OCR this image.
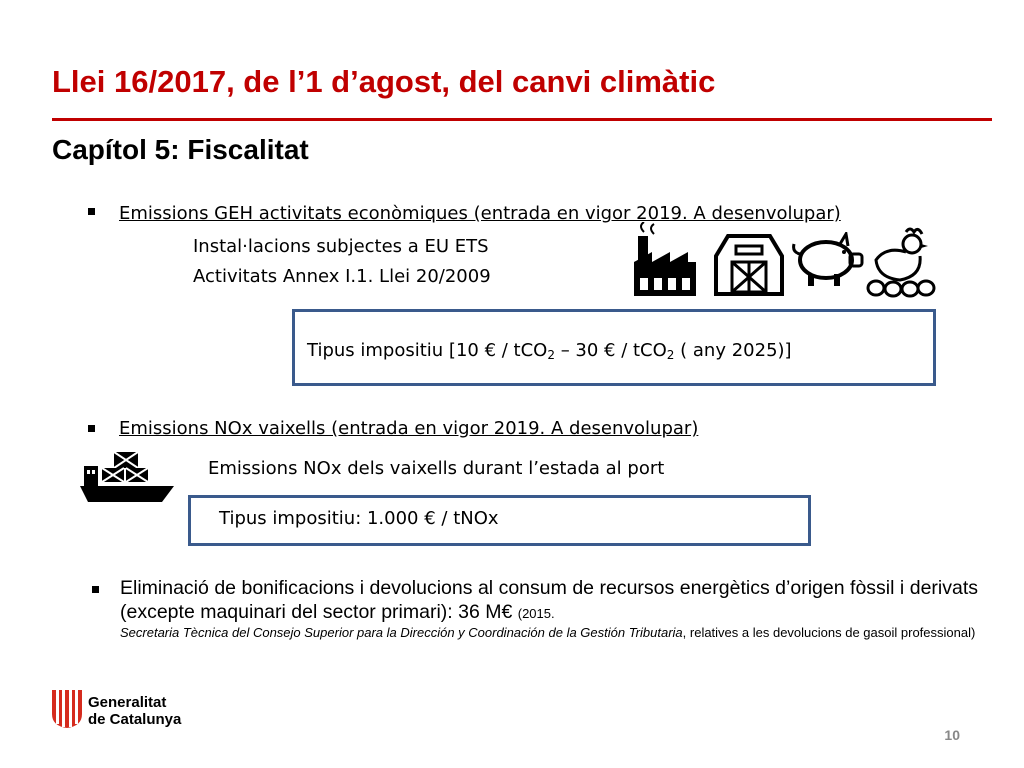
Llei 16/2017, de l’1 d’agost, del canvi climàtic
Capítol 5: Fiscalitat
Emissions GEH activitats econòmiques (entrada en vigor 2019. A desenvolupar)
Instal·lacions subjectes a EU ETS
Activitats Annex I.1. Llei 20/2009
Tipus impositiu [10 € / tCO$_2$ – 30 € / tCO$_2$ ( any 2025)]
Emissions NOx vaixells (entrada en vigor 2019. A desenvolupar)
Emissions NOx dels vaixells durant l’estada al port
Tipus impositiu: 1.000 € / tNOx
Eliminació de bonificacions i devolucions al consum de recursos energètics d’origen fòssil i derivats (excepte maquinari del sector primari): 36 M€ (2015.
Secretaria Tècnica del Consejo Superior para la Dirección y Coordinación de la Gestión Tributaria, relatives a les devolucions de gasoil professional)
Generalitat
de Catalunya
10
